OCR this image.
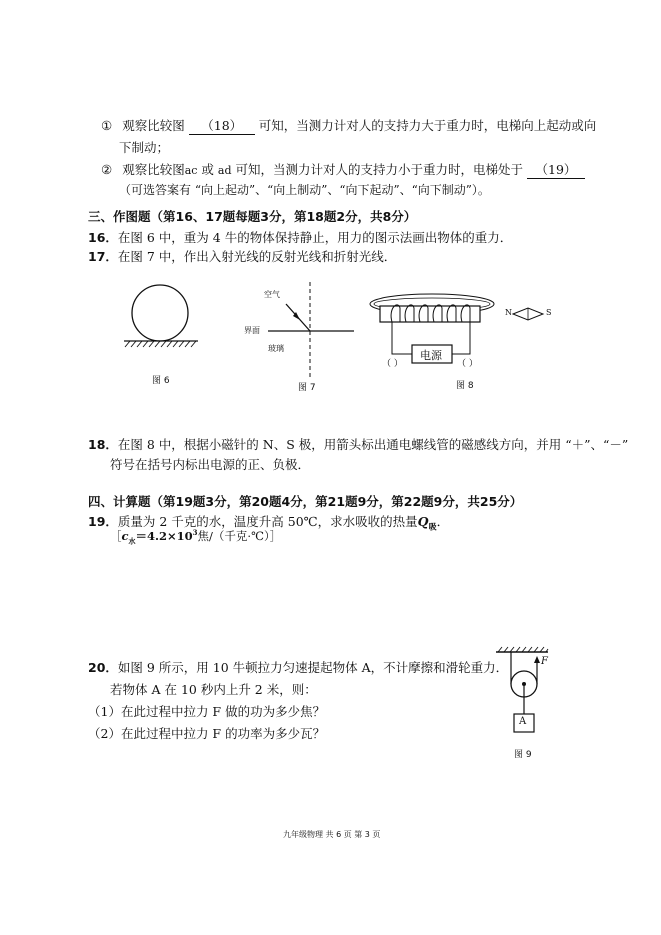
① 观察比较图 （18） 可知，当测力计对人的支持力大于重力时，电梯向上起动或向
下制动；
② 观察比较图ac 或 ad 可知，当测力计对人的支持力小于重力时，电梯处于 （19）
（可选答案有 “向上起动”、“向上制动”、“向下起动”、“向下制动”）。
三、作图题（第16、17题每题3分，第18题2分，共8分）
16．在图 6 中，重为 4 牛的物体保持静止，用力的图示法画出物体的重力．
17．在图 7 中，作出入射光线的反射光线和折射光线．
图 6
空气
界面
玻璃
图 7
电源
（ ）	（ ）
N	S
图 8
18．在图 8 中，根据小磁针的 N、S 极，用箭头标出通电螺线管的磁感线方向，并用 “＋”、“－”
符号在括号内标出电源的正、负极．
四、计算题（第19题3分，第20题4分，第21题9分，第22题9分，共25分）
19．质量为 2 千克的水，温度升高 50℃，求水吸收的热量$Q_吸$．
$[c_水=4.2\times 10^3$焦/（千克·℃）］
20．如图 9 所示，用 10 牛顿拉力匀速提起物体 A，不计摩擦和滑轮重力．
若物体 A 在 10 秒内上升 2 米，则：
（1）在此过程中拉力 F 做的功为多少焦？
（2）在此过程中拉力 F 的功率为多少瓦？
F
A
图 9
九年级物理 共 6 页 第 3 页
